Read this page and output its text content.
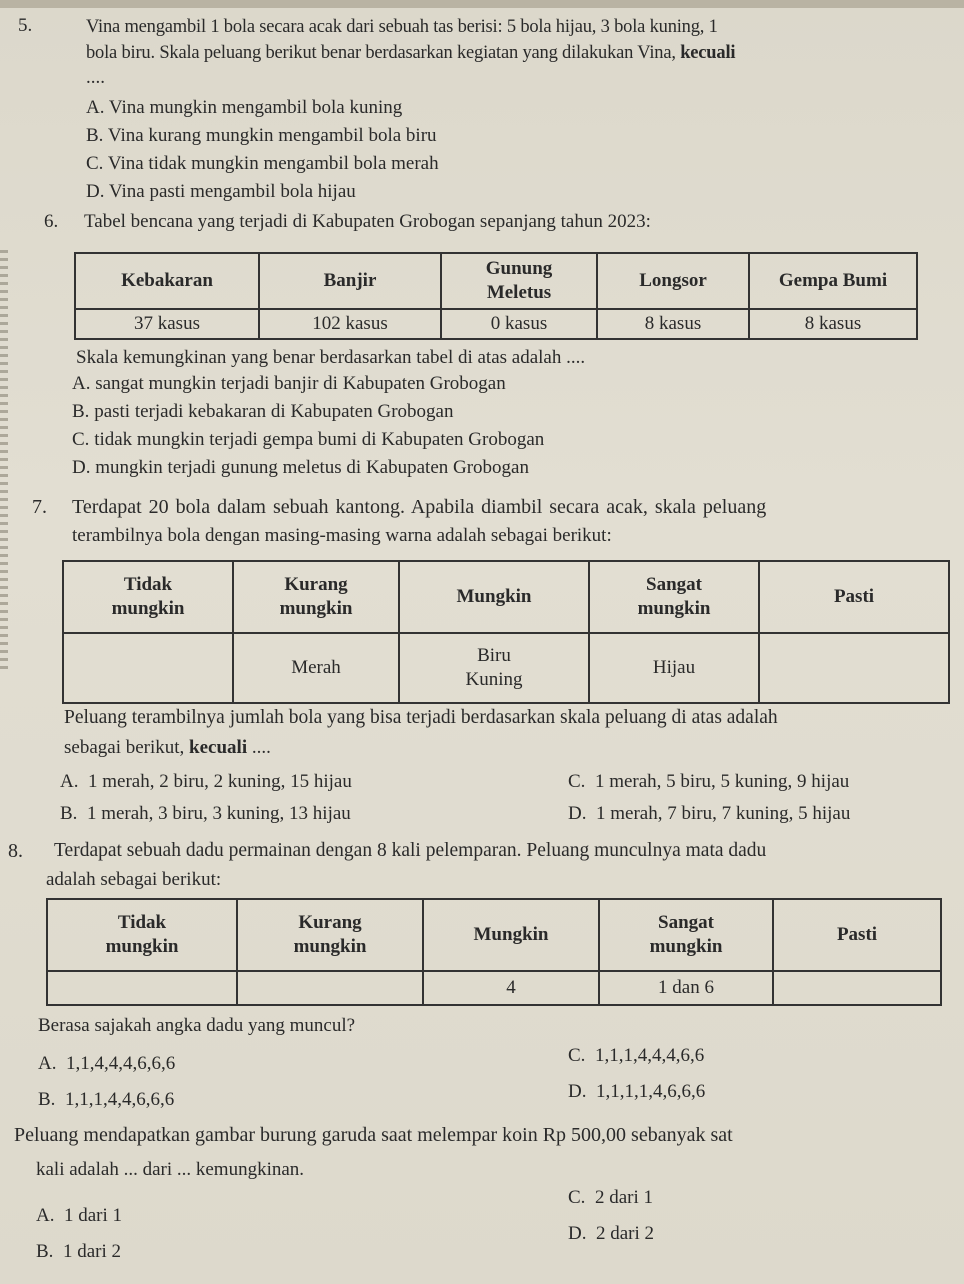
5.	Vina mengambil 1 bola secara acak dari sebuah tas berisi: 5 bola hijau, 3 bola kuning, 1
bola biru. Skala peluang berikut benar berdasarkan kegiatan yang dilakukan Vina, kecuali
....
A. Vina mungkin mengambil bola kuning
B. Vina kurang mungkin mengambil bola biru
C. Vina tidak mungkin mengambil bola merah
D. Vina pasti mengambil bola hijau
6. Tabel bencana yang terjadi di Kabupaten Grobogan sepanjang tahun 2023:
Kebakaran	Banjir	Gunung Meletus	Longsor	Gempa Bumi
37 kasus	102 kasus	0 kasus	8 kasus	8 kasus
Skala kemungkinan yang benar berdasarkan tabel di atas adalah ....
A. sangat mungkin terjadi banjir di Kabupaten Grobogan
B. pasti terjadi kebakaran di Kabupaten Grobogan
C. tidak mungkin terjadi gempa bumi di Kabupaten Grobogan
D. mungkin terjadi gunung meletus di Kabupaten Grobogan
7. Terdapat 20 bola dalam sebuah kantong. Apabila diambil secara acak, skala peluang
terambilnya bola dengan masing-masing warna adalah sebagai berikut:
Tidak mungkin	Kurang mungkin	Mungkin	Sangat mungkin	Pasti
	Merah	Biru Kuning	Hijau	
Peluang terambilnya jumlah bola yang bisa terjadi berdasarkan skala peluang di atas adalah
sebagai berikut, kecuali ....
A. 1 merah, 2 biru, 2 kuning, 15 hijau
B. 1 merah, 3 biru, 3 kuning, 13 hijau
C. 1 merah, 5 biru, 5 kuning, 9 hijau
D. 1 merah, 7 biru, 7 kuning, 5 hijau
8. Terdapat sebuah dadu permainan dengan 8 kali pelemparan. Peluang munculnya mata dadu
adalah sebagai berikut:
Tidak mungkin	Kurang mungkin	Mungkin	Sangat mungkin	Pasti
		4	1 dan 6	
Berasa sajakah angka dadu yang muncul?
A. 1,1,4,4,4,6,6,6
B. 1,1,1,4,4,6,6,6
C. 1,1,1,4,4,4,6,6
D. 1,1,1,1,4,6,6,6
Peluang mendapatkan gambar burung garuda saat melempar koin Rp 500,00 sebanyak sat
kali adalah ... dari ... kemungkinan.
A. 1 dari 1
B. 1 dari 2
C. 2 dari 1
D. 2 dari 2
